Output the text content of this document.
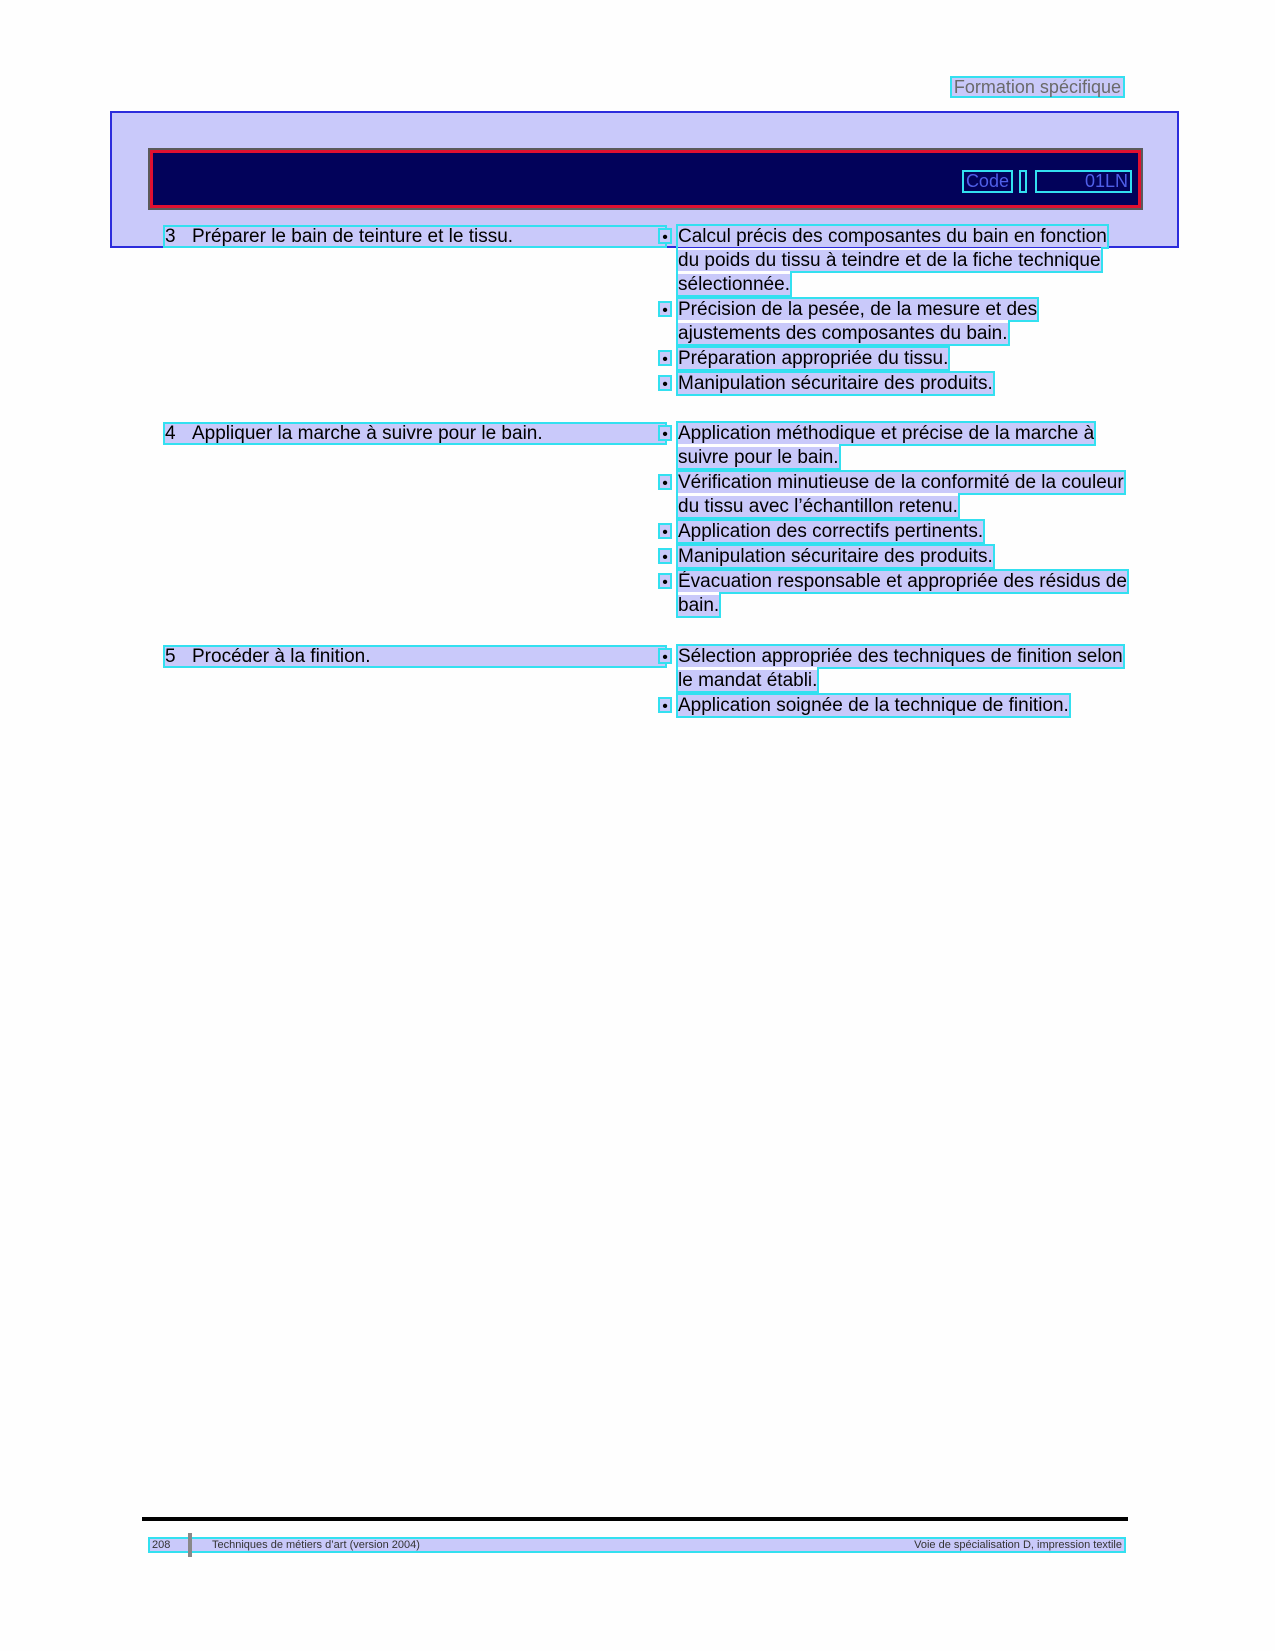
Formation spécifique
Code	01LN
3 Préparer le bain de teinture et le tissu.	• Calcul précis des composantes du bain en fonction du poids du tissu à teindre et de la fiche technique sélectionnée.
• Précision de la pesée, de la mesure et des ajustements des composantes du bain.
• Préparation appropriée du tissu.
• Manipulation sécuritaire des produits.
4 Appliquer la marche à suivre pour le bain.	• Application méthodique et précise de la marche à suivre pour le bain.
• Vérification minutieuse de la conformité de la couleur du tissu avec l’échantillon retenu.
• Application des correctifs pertinents.
• Manipulation sécuritaire des produits.
• Évacuation responsable et appropriée des résidus de bain.
5 Procéder à la finition.	• Sélection appropriée des techniques de finition selon le mandat établi.
• Application soignée de la technique de finition.
208	Techniques de métiers d’art (version 2004)	Voie de spécialisation D, impression textile
